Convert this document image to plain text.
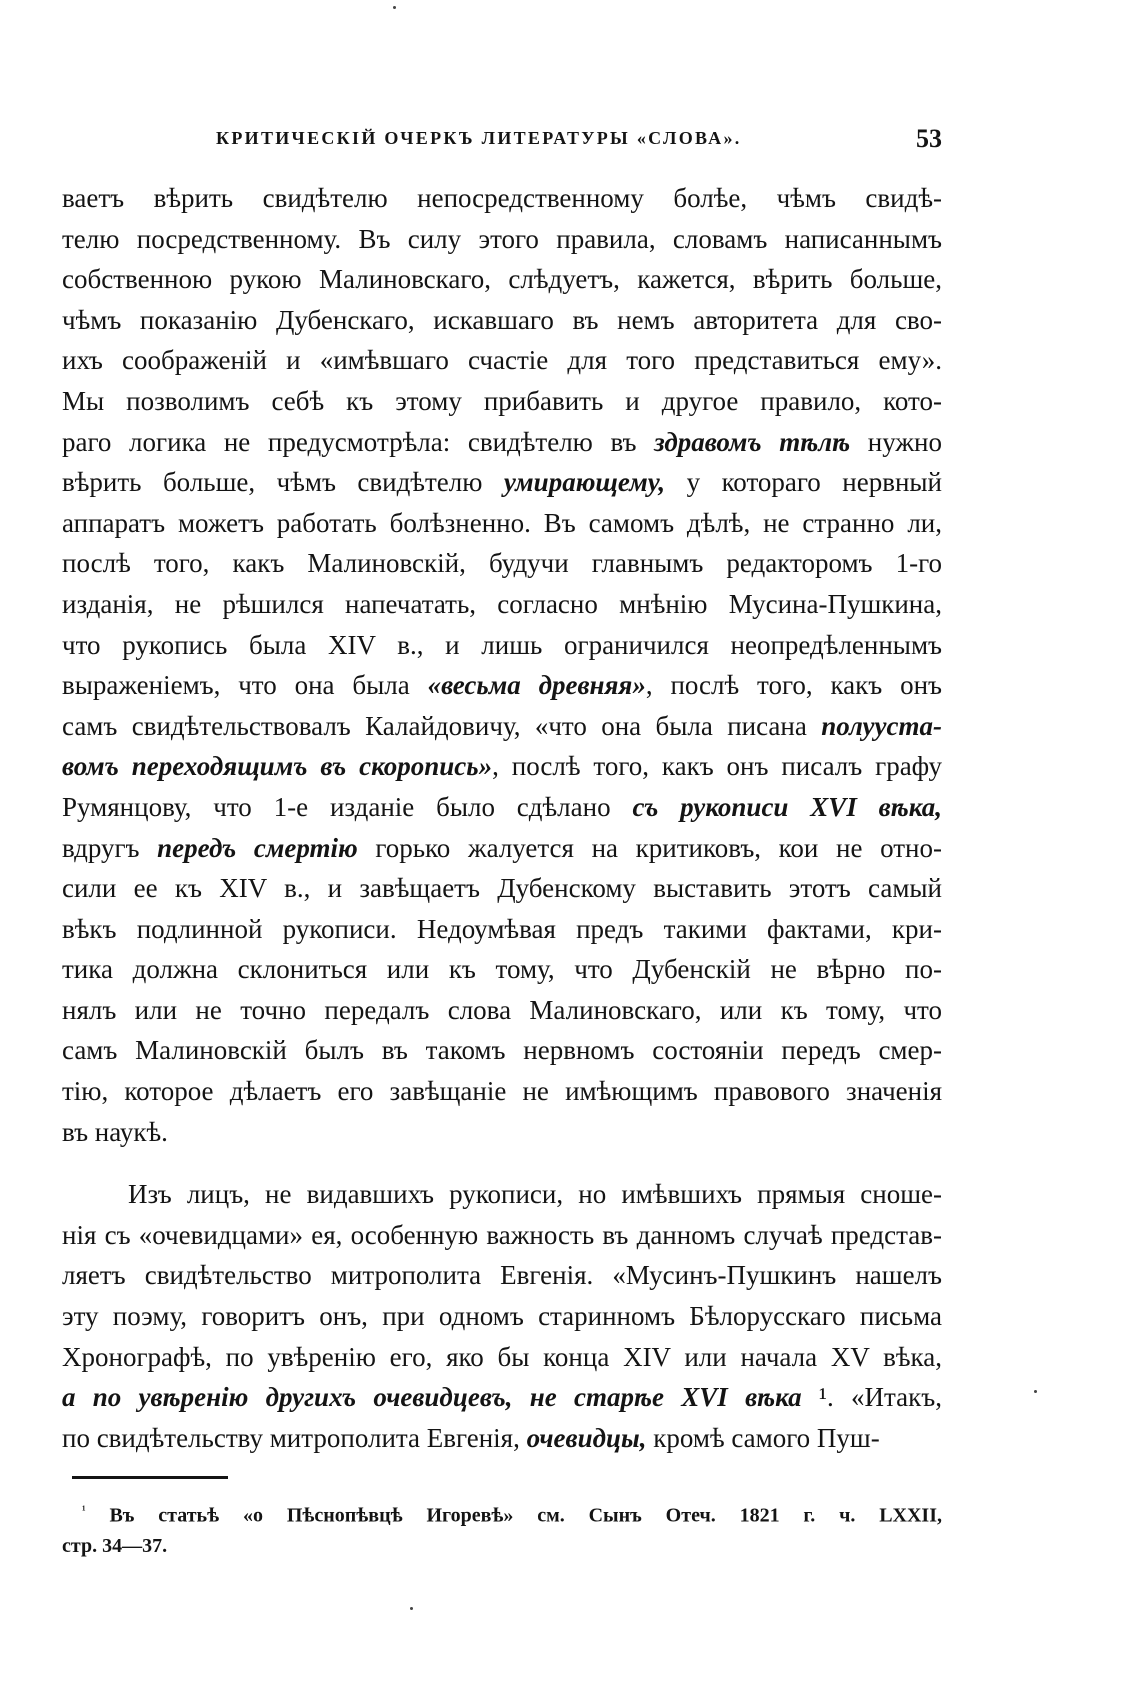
КРИТИЧЕСКІЙ ОЧЕРКЪ ЛИТЕРАТУРЫ «СЛОВА».	53
ваетъ вѣрить свидѣтелю непосредственному болѣе, чѣмъ свидѣ-
телю посредственному. Въ силу этого правила, словамъ написаннымъ
собственною рукою Малиновскаго, слѣдуетъ, кажется, вѣрить больше,
чѣмъ показанію Дубенскаго, искавшаго въ немъ авторитета для сво-
ихъ соображеній и «имѣвшаго счастіе для того представиться ему».
Мы позволимъ себѣ къ этому прибавить и другое правило, кото-
раго логика не предусмотрѣла: свидѣтелю въ здравомъ тѣлѣ нужно
вѣрить больше, чѣмъ свидѣтелю умирающему, у котораго нервный
аппаратъ можетъ работать болѣзненно. Въ самомъ дѣлѣ, не странно ли,
послѣ того, какъ Малиновскій, будучи главнымъ редакторомъ 1-го
изданія, не рѣшился напечатать, согласно мнѣнію Мусина-Пушкина,
что рукопись была XIV в., и лишь ограничился неопредѣленнымъ
выраженіемъ, что она была «весьма древняя», послѣ того, какъ онъ
самъ свидѣтельствовалъ Калайдовичу, «что она была писана полууста-
вомъ переходящимъ въ скоропись», послѣ того, какъ онъ писалъ графу
Румянцову, что 1-е изданіе было сдѣлано съ рукописи XVI вѣка,
вдругъ передъ смертію горько жалуется на критиковъ, кои не отно-
сили ее къ XIV в., и завѣщаетъ Дубенскому выставить этотъ самый
вѣкъ подлинной рукописи. Недоумѣвая предъ такими фактами, кри-
тика должна склониться или къ тому, что Дубенскій не вѣрно по-
нялъ или не точно передалъ слова Малиновскаго, или къ тому, что
самъ Малиновскій былъ въ такомъ нервномъ состояніи передъ смер-
тію, которое дѣлаетъ его завѣщаніе не имѣющимъ правового значенія
въ наукѣ.
Изъ лицъ, не видавшихъ рукописи, но имѣвшихъ прямыя сноше-
нія съ «очевидцами» ея, особенную важность въ данномъ случаѣ представ-
ляетъ свидѣтельство митрополита Евгенія. «Мусинъ-Пушкинъ нашелъ
эту поэму, говоритъ онъ, при одномъ старинномъ Бѣлорусскаго письма
Хронографѣ, по увѣренію его, яко бы конца XIV или начала XV вѣка,
а по увѣренію другихъ очевидцевъ, не старѣе XVI вѣка ¹. «Итакъ,
по свидѣтельству митрополита Евгенія, очевидцы, кромѣ самого Пуш-
$^{^1}$ Въ статьѣ «о Пѣснопѣвцѣ Игоревѣ» см. Сынъ Отеч. 1821 г. ч. LXXII,
стр. 34—37.
